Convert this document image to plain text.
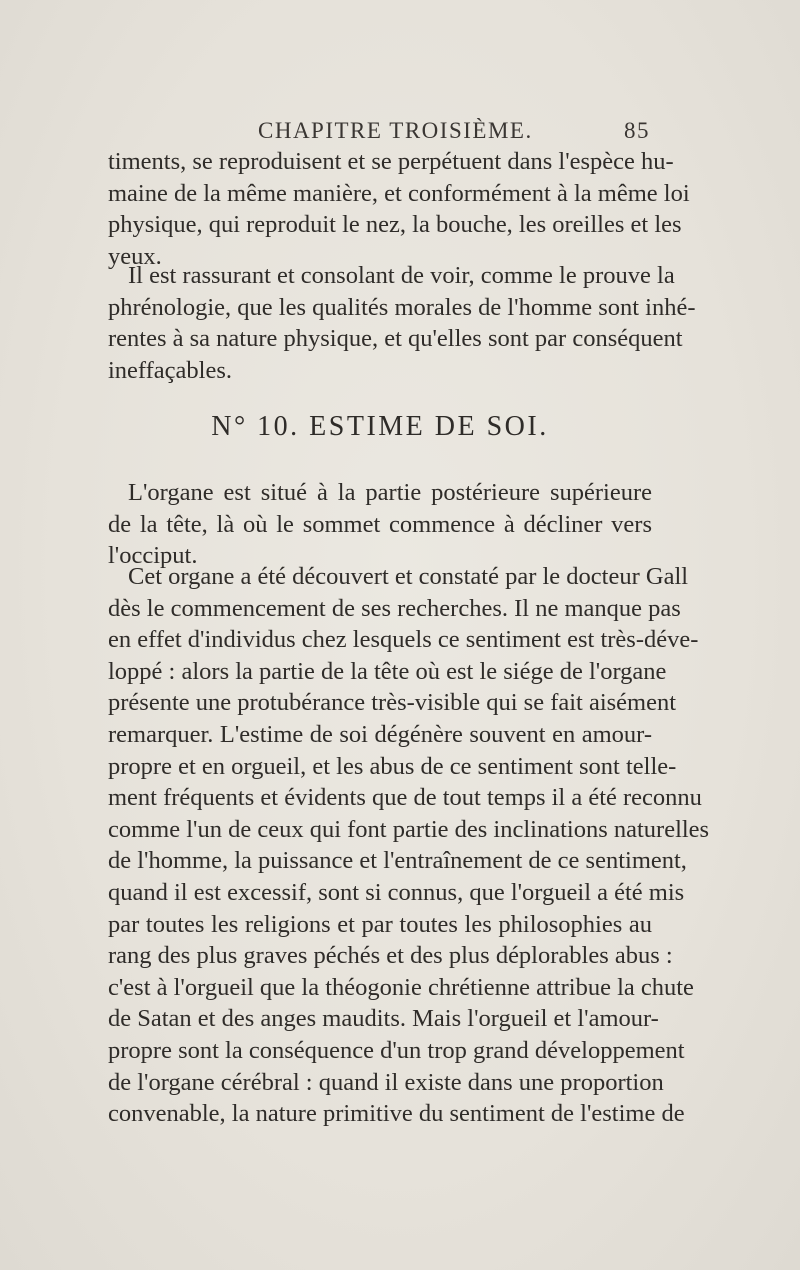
CHAPITRE TROISIÈME.	85
timents, se reproduisent et se perpétuent dans l'espèce hu-
maine de la même manière, et conformément à la même loi
physique, qui reproduit le nez, la bouche, les oreilles et les
yeux.
Il est rassurant et consolant de voir, comme le prouve la
phrénologie, que les qualités morales de l'homme sont inhé-
rentes à sa nature physique, et qu'elles sont par conséquent
ineffaçables.
N° 10. ESTIME DE SOI.
L'organe est situé à la partie postérieure supérieure
de la tête, là où le sommet commence à décliner vers
l'occiput.
Cet organe a été découvert et constaté par le docteur Gall
dès le commencement de ses recherches. Il ne manque pas
en effet d'individus chez lesquels ce sentiment est très-déve-
loppé : alors la partie de la tête où est le siége de l'organe
présente une protubérance très-visible qui se fait aisément
remarquer. L'estime de soi dégénère souvent en amour-
propre et en orgueil, et les abus de ce sentiment sont telle-
ment fréquents et évidents que de tout temps il a été reconnu
comme l'un de ceux qui font partie des inclinations naturelles
de l'homme, la puissance et l'entraînement de ce sentiment,
quand il est excessif, sont si connus, que l'orgueil a été mis
par toutes les religions et par toutes les philosophies au
rang des plus graves péchés et des plus déplorables abus :
c'est à l'orgueil que la théogonie chrétienne attribue la chute
de Satan et des anges maudits. Mais l'orgueil et l'amour-
propre sont la conséquence d'un trop grand développement
de l'organe cérébral : quand il existe dans une proportion
convenable, la nature primitive du sentiment de l'estime de
